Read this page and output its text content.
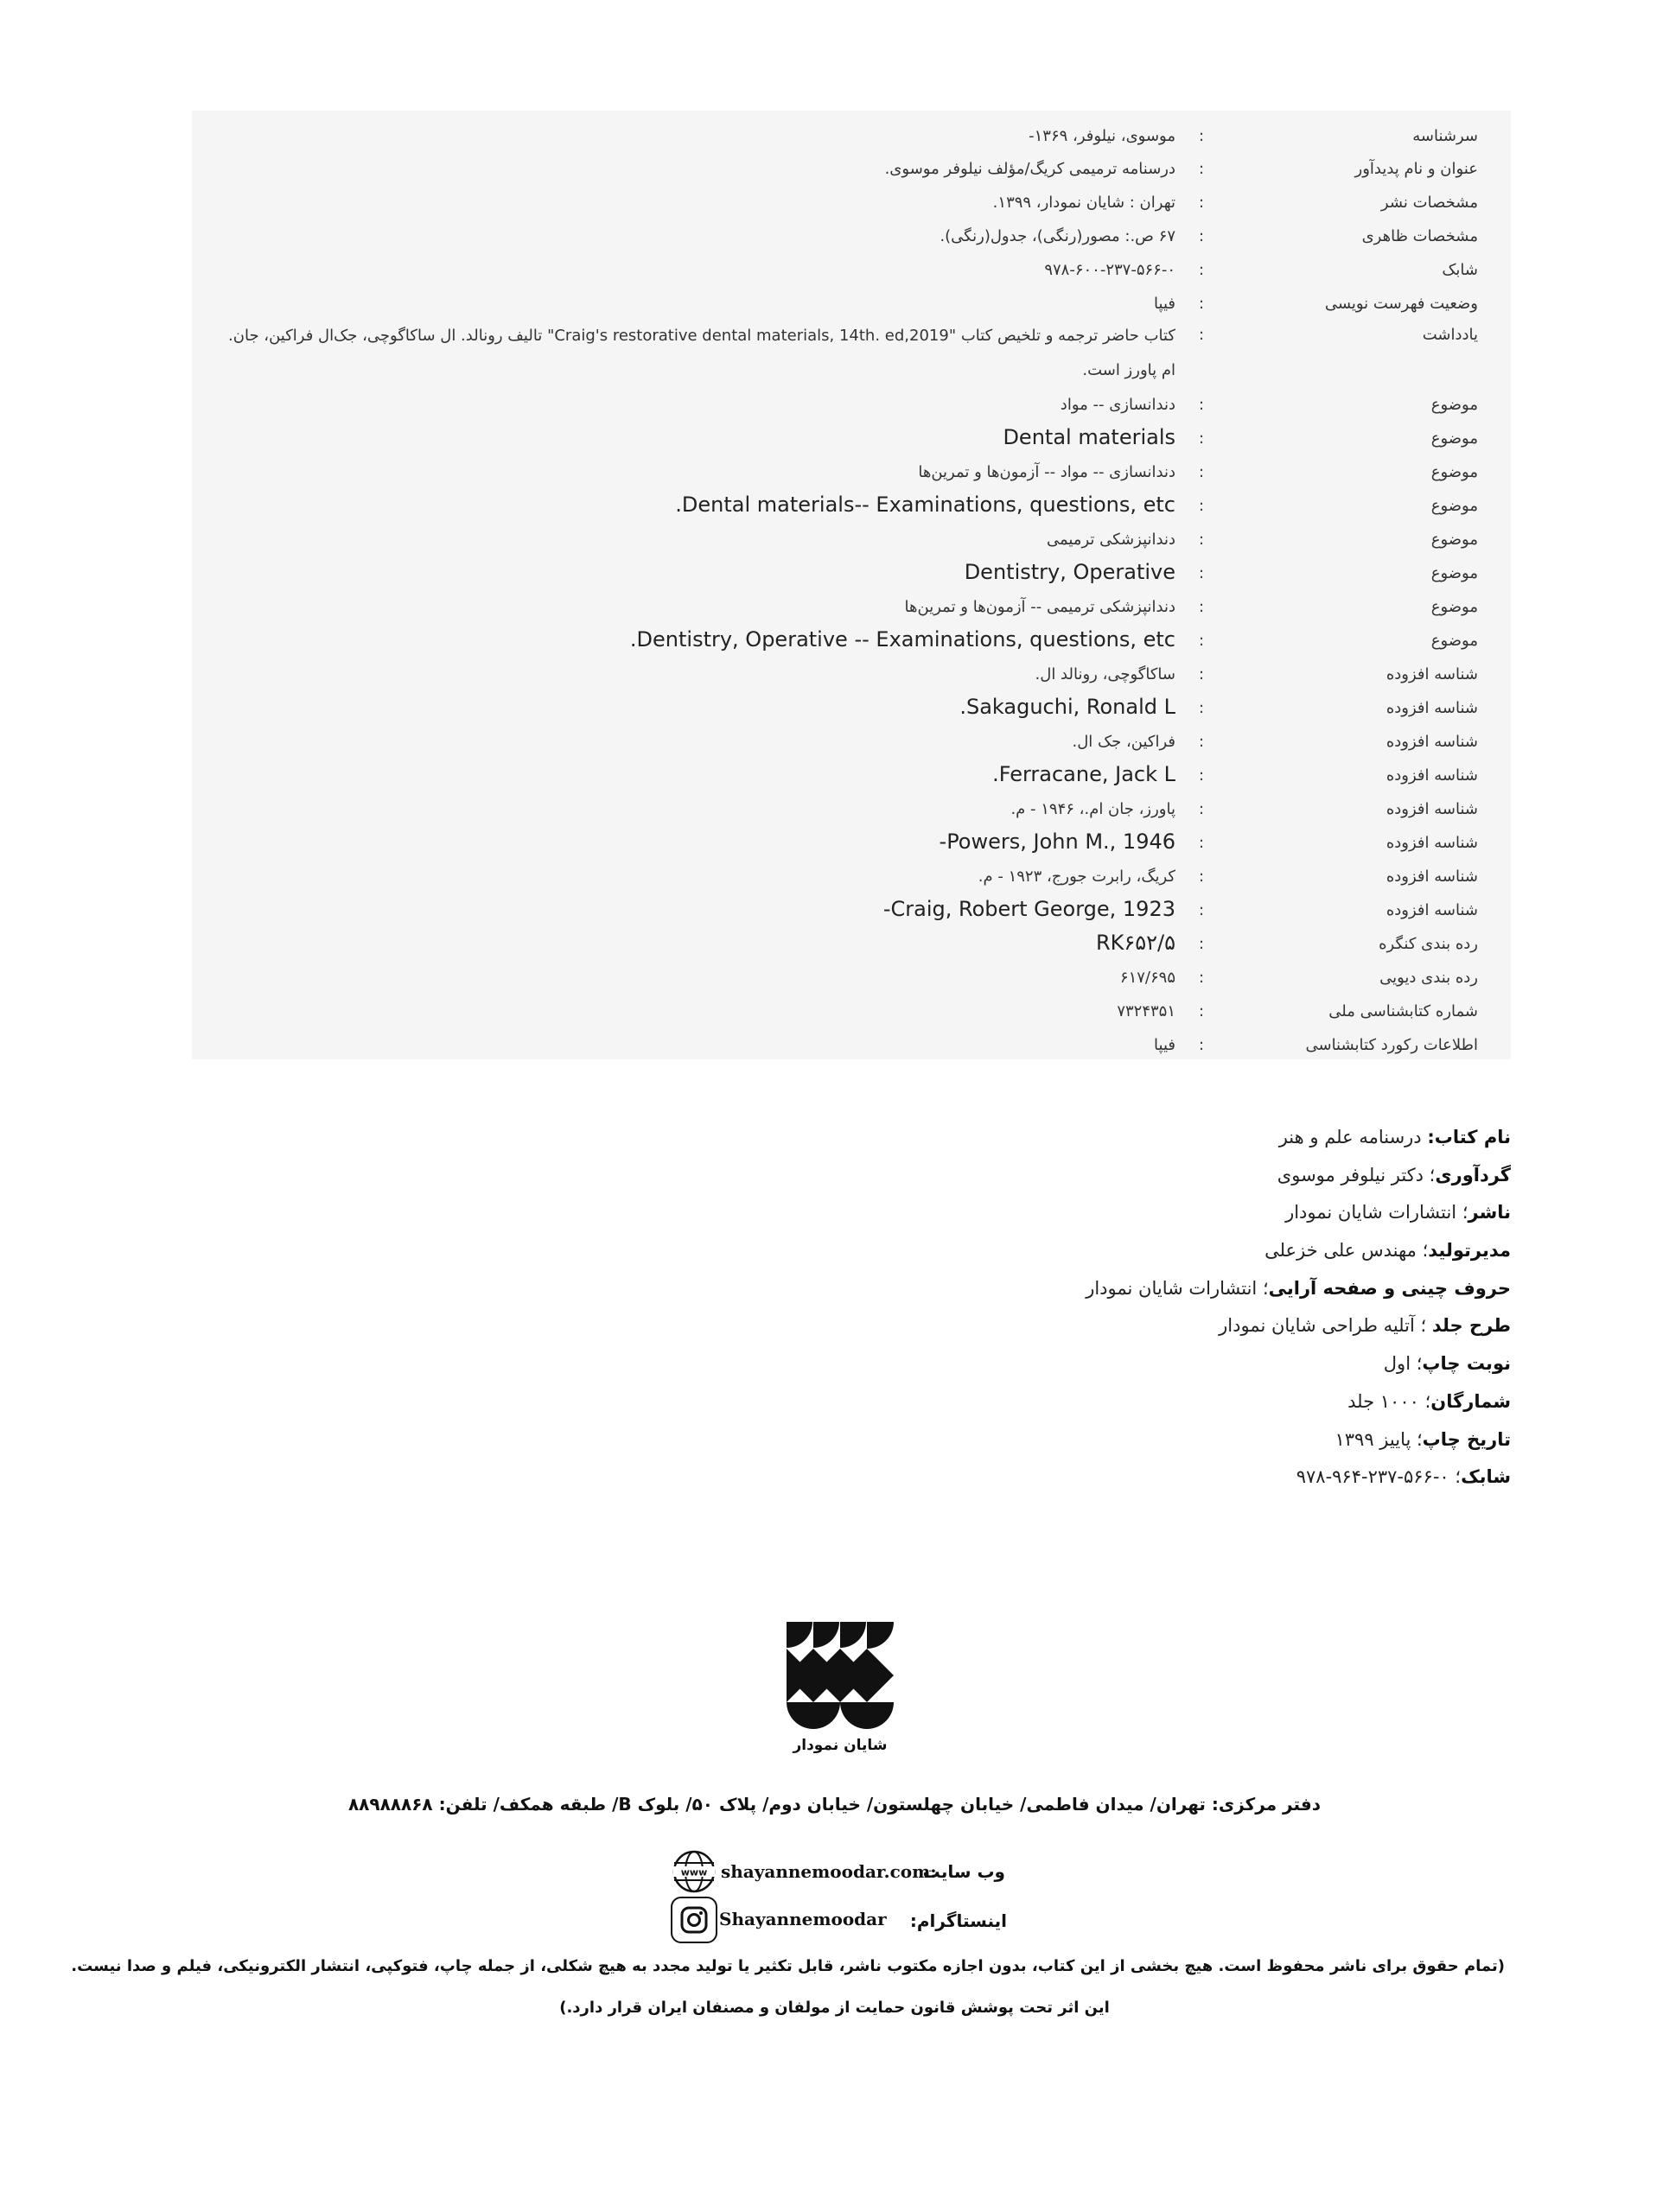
سرشناسه
:
موسوی، نیلوفر، ۱۳۶۹-
عنوان و نام پدیدآور
:
درسنامه ترمیمی کریگ/مؤلف نیلوفر موسوی.
مشخصات نشر
:
تهران : شایان نمودار، ۱۳۹۹.
مشخصات ظاهری
:
۶۷ ص.: مصور(رنگی)، جدول(رنگی).
شابک
:
۹۷۸-۶۰۰-۲۳۷-۵۶۶-۰
وضعیت فهرست نویسی
:
فیپا
یادداشت
:
کتاب حاضر ترجمه و تلخیص کتاب "Craig's restorative dental materials, 14th. ed,2019" تالیف رونالد. ال ساکاگوچی، جک‌ال فراکین، جان. ام پاورز است.
موضوع
:
دندانسازی -- مواد
موضوع
:
Dental materials
موضوع
:
دندانسازی -- مواد -- آزمون‌ها و تمرین‌ها
موضوع
:
Dental materials-- Examinations, questions, etc.
موضوع
:
دندانپزشکی ترمیمی
موضوع
:
Dentistry, Operative
موضوع
:
دندانپزشکی ترمیمی -- آزمون‌ها و تمرین‌ها
موضوع
:
Dentistry, Operative -- Examinations, questions, etc.
شناسه افزوده
:
ساکاگوچی، رونالد ال.
شناسه افزوده
:
Sakaguchi, Ronald L.
شناسه افزوده
:
فراکین، جک ال.
شناسه افزوده
:
Ferracane, Jack L.
شناسه افزوده
:
پاورز، جان ام.، ۱۹۴۶ - م.
شناسه افزوده
:
Powers, John M., 1946-
شناسه افزوده
:
کریگ، رابرت جورج، ۱۹۲۳ - م.
شناسه افزوده
:
Craig, Robert George, 1923-
رده بندی کنگره
:
RK۶۵۲/۵
رده بندی دیویی
:
۶۱۷/۶۹۵
شماره کتابشناسی ملی
:
۷۳۲۴۳۵۱
اطلاعات رکورد کتابشناسی
:
فیپا
نام کتاب: درسنامه علم و هنر
گردآوری؛ دکتر نیلوفر موسوی
ناشر؛ انتشارات شایان نمودار
مدیرتولید؛ مهندس علی خزعلی
حروف چینی و صفحه آرایی؛ انتشارات شایان نمودار
طرح جلد ؛ آتلیه طراحی شایان نمودار
نوبت چاپ؛ اول
شمارگان؛ ۱۰۰۰ جلد
تاریخ چاپ؛ پاییز ۱۳۹۹
شابک؛ ۰-۵۶۶-۲۳۷-۹۶۴-۹۷۸
شایان نمودار
دفتر مرکزی: تهران/ میدان فاطمی/ خیابان چهلستون/ خیابان دوم/ پلاک ۵۰/ بلوک B/ طبقه همکف/ تلفن: ۸۸۹۸۸۸۶۸
www shayannemoodar.com:
وب سایت
Shayannemoodar اینستاگرام:
(تمام حقوق برای ناشر محفوظ است. هیچ بخشی از این کتاب، بدون اجازه مکتوب ناشر، قابل تکثیر یا تولید مجدد به هیچ شکلی، از جمله چاپ، فتوکپی، انتشار الکترونیکی، فیلم و صدا نیست.
این اثر تحت پوشش قانون حمایت از مولفان و مصنفان ایران قرار دارد.)
